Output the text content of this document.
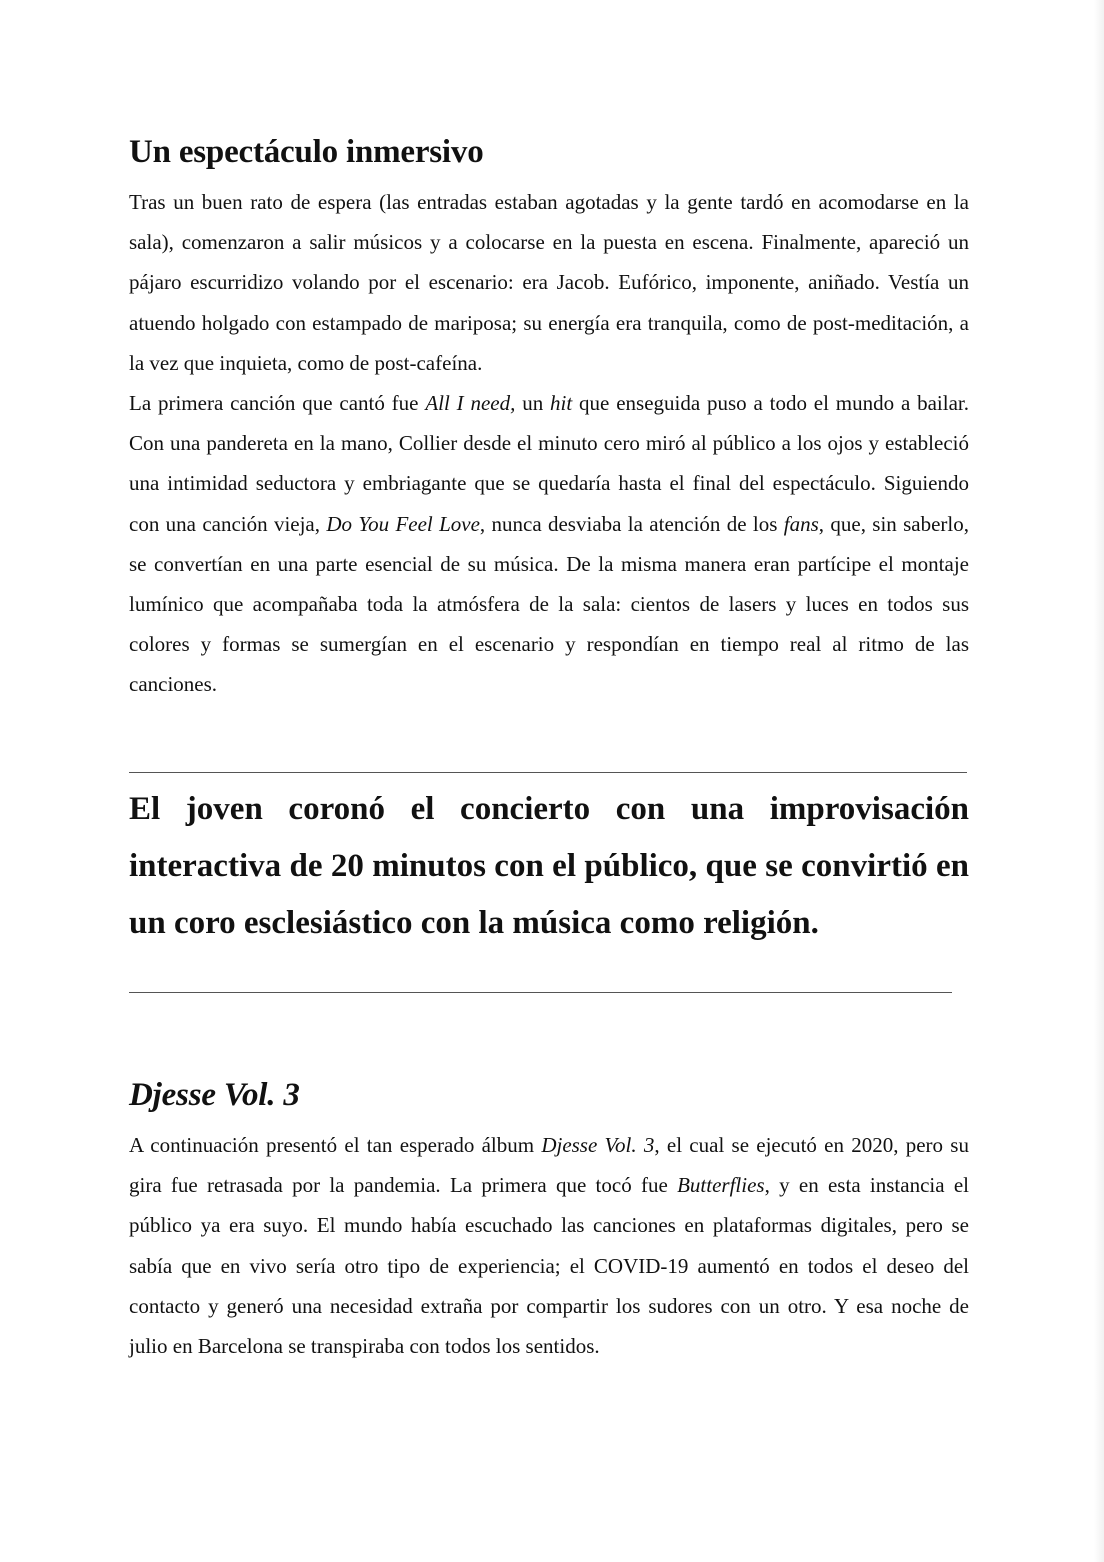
Un espectáculo inmersivo

Tras un buen rato de espera (las entradas estaban agotadas y la gente tardó en acomodarse en la sala), comenzaron a salir músicos y a colocarse en la puesta en escena. Finalmente, apareció un pájaro escurridizo volando por el escenario: era Jacob. Eufórico, imponente, aniñado. Vestía un atuendo holgado con estampado de mariposa; su energía era tranquila, como de post-meditación, a la vez que inquieta, como de post-cafeína.

La primera canción que cantó fue All I need, un hit que enseguida puso a todo el mundo a bailar. Con una pandereta en la mano, Collier desde el minuto cero miró al público a los ojos y estableció una intimidad seductora y embriagante que se quedaría hasta el final del espectáculo. Siguiendo con una canción vieja, Do You Feel Love, nunca desviaba la atención de los fans, que, sin saberlo, se convertían en una parte esencial de su música. De la misma manera eran partícipe el montaje lumínico que acompañaba toda la atmósfera de la sala: cientos de lasers y luces en todos sus colores y formas se sumergían en el escenario y respondían en tiempo real al ritmo de las canciones.

El joven coronó el concierto con una improvisación interactiva de 20 minutos con el público, que se convirtió en un coro esclesiástico con la música como religión.

Djesse Vol. 3

A continuación presentó el tan esperado álbum Djesse Vol. 3, el cual se ejecutó en 2020, pero su gira fue retrasada por la pandemia. La primera que tocó fue Butterflies, y en esta instancia el público ya era suyo. El mundo había escuchado las canciones en plataformas digitales, pero se sabía que en vivo sería otro tipo de experiencia; el COVID-19 aumentó en todos el deseo del contacto y generó una necesidad extraña por compartir los sudores con un otro. Y esa noche de julio en Barcelona se transpiraba con todos los sentidos.
